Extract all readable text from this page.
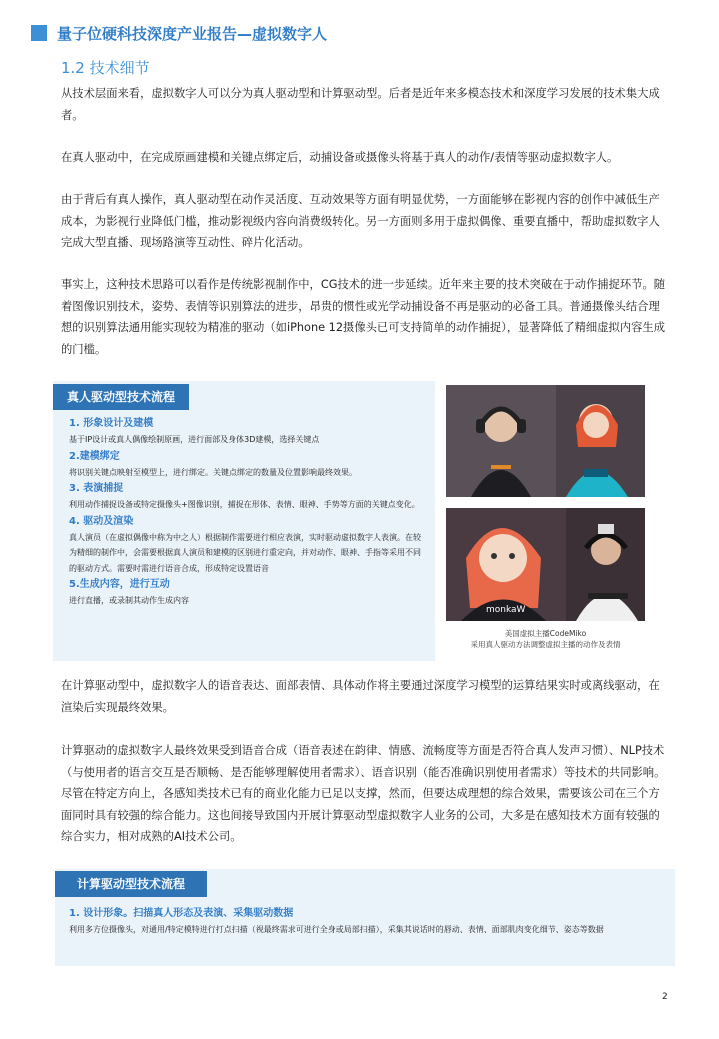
量子位硬科技深度产业报告—虚拟数字人
1.2 技术细节

从技术层面来看，虚拟数字人可以分为真人驱动型和计算驱动型。后者是近年来多模态技术和深度学习发展的技术集大成者。

在真人驱动中，在完成原画建模和关键点绑定后，动捕设备或摄像头将基于真人的动作/表情等驱动虚拟数字人。

由于背后有真人操作，真人驱动型在动作灵活度、互动效果等方面有明显优势，一方面能够在影视内容的创作中减低生产成本，为影视行业降低门槛，推动影视级内容向消费级转化。另一方面则多用于虚拟偶像、重要直播中，帮助虚拟数字人完成大型直播、现场路演等互动性、碎片化活动。

事实上，这种技术思路可以看作是传统影视制作中，CG技术的进一步延续。近年来主要的技术突破在于动作捕捉环节。随着图像识别技术，姿势、表情等识别算法的进步，昂贵的惯性或光学动捕设备不再是驱动的必备工具。普通摄像头结合理想的识别算法通用能实现较为精准的驱动（如iPhone 12摄像头已可支持简单的动作捕捉），显著降低了精细虚拟内容生成的门槛。

真人驱动型技术流程
1. 形象设计及建模
基于IP设计或真人偶像绘制原画，进行面部及身体3D建模，选择关键点
2.建模绑定
将识别关键点映射至模型上，进行绑定。关键点绑定的数量及位置影响最终效果。
3. 表演捕捉
利用动作捕捉设备或特定摄像头+图像识别，捕捉在形体、表情、眼神、手势等方面的关键点变化。
4. 驱动及渲染
真人演员（在虚拟偶像中称为中之人）根据制作需要进行相应表演，实时驱动虚拟数字人表演。在较为精细的制作中，会需要根据真人演员和建模的区别进行重定向，并对动作、眼神、手指等采用不同的驱动方式。需要时需进行语音合成，形成特定设置语音
5.生成内容，进行互动
进行直播，或录制其动作生成内容
monkaW
美国虚拟主播CodeMiko
采用真人驱动方法调整虚拟主播的动作及表情

在计算驱动型中，虚拟数字人的语音表达、面部表情、具体动作将主要通过深度学习模型的运算结果实时或离线驱动，在渲染后实现最终效果。

计算驱动的虚拟数字人最终效果受到语音合成（语音表述在韵律、情感、流畅度等方面是否符合真人发声习惯）、NLP技术（与使用者的语言交互是否顺畅、是否能够理解使用者需求）、语音识别（能否准确识别使用者需求）等技术的共同影响。尽管在特定方向上，各感知类技术已有的商业化能力已足以支撑，然而，但要达成理想的综合效果，需要该公司在三个方面同时具有较强的综合能力。这也间接导致国内开展计算驱动型虚拟数字人业务的公司，大多是在感知技术方面有较强的综合实力，相对成熟的AI技术公司。

计算驱动型技术流程
1. 设计形象。扫描真人形态及表演、采集驱动数据
利用多方位摄像头，对通用/特定模特进行打点扫描（视最终需求可进行全身或局部扫描），采集其说话时的唇动、表情、面部肌肉变化细节、姿态等数据
2
